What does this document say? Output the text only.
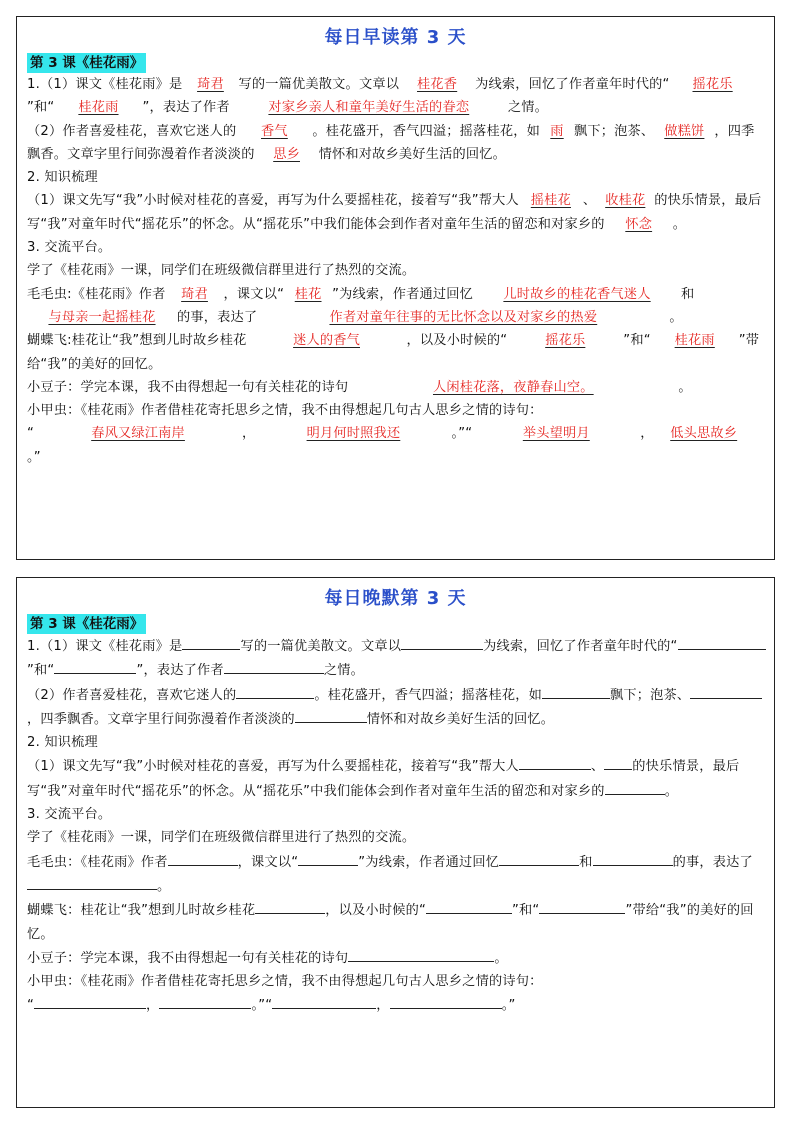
每日早读第 3 天
第 3 课《桂花雨》

1.（1）课文《桂花雨》是 琦君 写的一篇优美散文。文章以 桂花香 为线索，回忆了作者童年时代的“ 摇花乐”和“ 桂花雨 ”，表达了作者	对家乡亲人和童年美好生活的眷恋	之情。

（2）作者喜爱桂花，喜欢它迷人的 香气 。桂花盛开，香气四溢；摇落桂花，如 雨 飘下；泡茶、 做糕饼 ，四季飘香。文章字里行间弥漫着作者淡淡的 思乡 情怀和对故乡美好生活的回忆。

2. 知识梳理

（1）课文先写“我”小时候对桂花的喜爱，再写为什么要摇桂花，接着写“我”帮大人 摇桂花 、 收桂花 的快乐情景，最后写“我”对童年时代“摇花乐”的怀念。从“摇花乐”中我们能体会到作者对童年生活的留恋和对家乡的 怀念 。

3. 交流平台。

学了《桂花雨》一课，同学们在班级微信群里进行了热烈的交流。

毛毛虫:《桂花雨》作者 琦君 ，课文以“ 桂花 ”为线索，作者通过回忆 儿时故乡的桂花香气迷人 和与母亲一起摇桂花 的事，表达了	作者对童年往事的无比怀念以及对家乡的热爱	。

蝴蝶飞:桂花让“我”想到儿时故乡桂花	迷人的香气	，以及小时候的“	摇花乐	”和“ 桂花雨 ”带给“我”的美好的回忆。

小豆子：学完本课，我不由得想起一句有关桂花的诗句	人闲桂花落，夜静春山空。	。

小甲虫：《桂花雨》作者借桂花寄托思乡之情，我不由得想起几句古人思乡之情的诗句：

“	春风又绿江南岸	，	明月何时照我还	。”“	举头望明月	， 低头思故乡。”

每日晚默第 3 天
第 3 课《桂花雨》

1.（1）课文《桂花雨》是	写的一篇优美散文。文章以	为线索，回忆了作者童年时代的“”和“	”，表达了作者	之情。

（2）作者喜爱桂花，喜欢它迷人的	。桂花盛开，香气四溢；摇落桂花，如	飘下；泡茶、，四季飘香。文章字里行间弥漫着作者淡淡的	情怀和对故乡美好生活的回忆。

2. 知识梳理

（1）课文先写“我”小时候对桂花的喜爱，再写为什么要摇桂花，接着写“我”帮大人	、 的快乐情景，最后写“我”对童年时代“摇花乐”的怀念。从“摇花乐”中我们能体会到作者对童年生活的留恋和对家乡的	。

3. 交流平台。

学了《桂花雨》一课，同学们在班级微信群里进行了热烈的交流。

毛毛虫：《桂花雨》作者	，课文以“	”为线索，作者通过回忆	和	的事，表达了。

蝴蝶飞：桂花让“我”想到儿时故乡桂花	，以及小时候的“	”和“	”带给“我”的美好的回忆。

小豆子：学完本课，我不由得想起一句有关桂花的诗句	。

小甲虫：《桂花雨》作者借桂花寄托思乡之情，我不由得想起几句古人思乡之情的诗句：

“	，	。”“	，	。”
